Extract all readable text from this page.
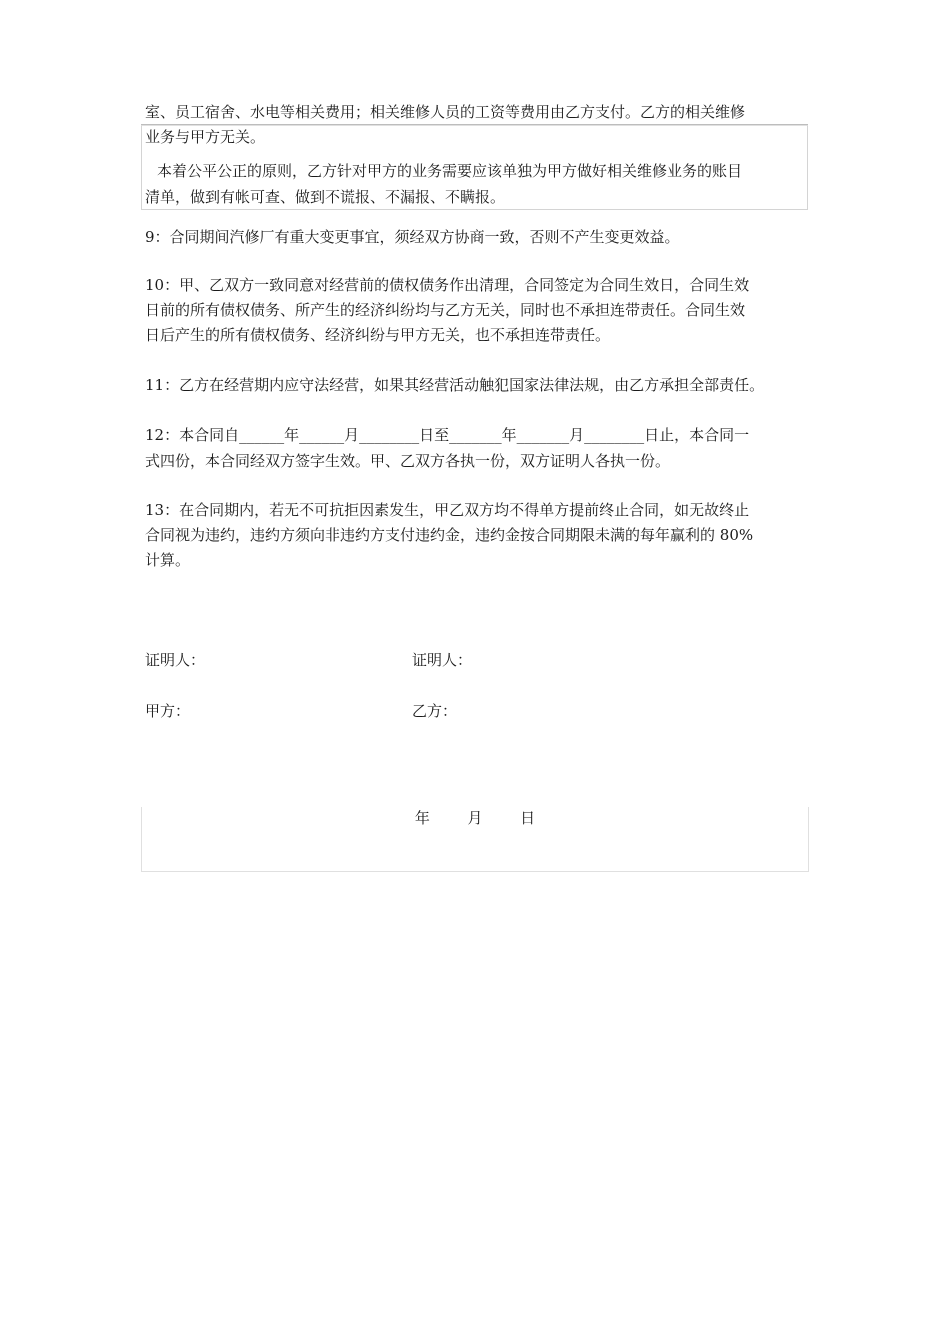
室、员工宿舍、水电等相关费用；相关维修人员的工资等费用由乙方支付。乙方的相关维修
业务与甲方无关。
本着公平公正的原则，乙方针对甲方的业务需要应该单独为甲方做好相关维修业务的账目
清单，做到有帐可查、做到不谎报、不漏报、不瞒报。
9：合同期间汽修厂有重大变更事宜，须经双方协商一致，否则不产生变更效益。
10：甲、乙双方一致同意对经营前的债权债务作出清理，合同签定为合同生效日，合同生效
日前的所有债权债务、所产生的经济纠纷均与乙方无关，同时也不承担连带责任。合同生效
日后产生的所有债权债务、经济纠纷与甲方无关，也不承担连带责任。
11：乙方在经营期内应守法经营，如果其经营活动触犯国家法律法规，由乙方承担全部责任。
12：本合同自______年______月________日至_______年_______月________日止，本合同一
式四份，本合同经双方签字生效。甲、乙双方各执一份，双方证明人各执一份。
13：在合同期内，若无不可抗拒因素发生，甲乙双方均不得单方提前终止合同，如无故终止
合同视为违约，违约方须向非违约方支付违约金，违约金按合同期限未满的每年赢利的 80%
计算。
证明人：	证明人：
甲方：	乙方：
年	月	日
